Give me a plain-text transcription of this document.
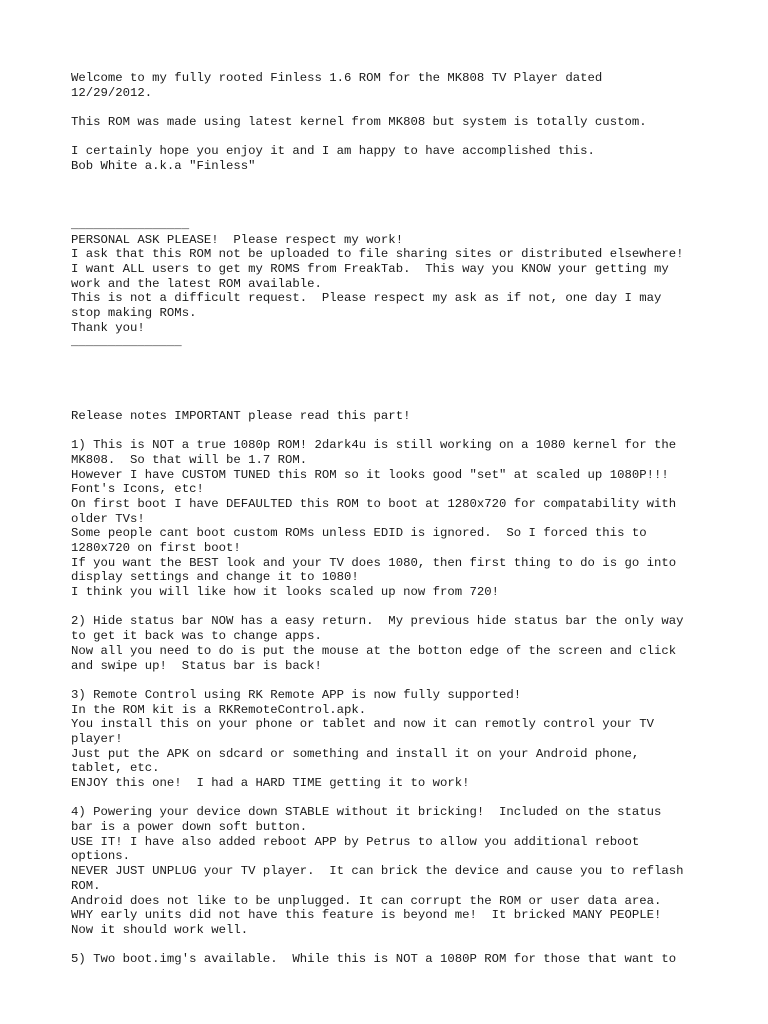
Welcome to my fully rooted Finless 1.6 ROM for the MK808 TV Player dated
12/29/2012.

This ROM was made using latest kernel from MK808 but system is totally custom.

I certainly hope you enjoy it and I am happy to have accomplished this.
Bob White a.k.a "Finless"

________________
PERSONAL ASK PLEASE!  Please respect my work!
I ask that this ROM not be uploaded to file sharing sites or distributed elsewhere!
I want ALL users to get my ROMS from FreakTab.  This way you KNOW your getting my
work and the latest ROM available.
This is not a difficult request.  Please respect my ask as if not, one day I may
stop making ROMs.
Thank you!
_______________

Release notes IMPORTANT please read this part!

1) This is NOT a true 1080p ROM! 2dark4u is still working on a 1080 kernel for the
MK808.  So that will be 1.7 ROM.
However I have CUSTOM TUNED this ROM so it looks good "set" at scaled up 1080P!!!
Font's Icons, etc!
On first boot I have DEFAULTED this ROM to boot at 1280x720 for compatability with
older TVs!
Some people cant boot custom ROMs unless EDID is ignored.  So I forced this to
1280x720 on first boot!
If you want the BEST look and your TV does 1080, then first thing to do is go into
display settings and change it to 1080!
I think you will like how it looks scaled up now from 720!

2) Hide status bar NOW has a easy return.  My previous hide status bar the only way
to get it back was to change apps.
Now all you need to do is put the mouse at the botton edge of the screen and click
and swipe up!  Status bar is back!

3) Remote Control using RK Remote APP is now fully supported!
In the ROM kit is a RKRemoteControl.apk.
You install this on your phone or tablet and now it can remotly control your TV
player!
Just put the APK on sdcard or something and install it on your Android phone,
tablet, etc.
ENJOY this one!  I had a HARD TIME getting it to work!

4) Powering your device down STABLE without it bricking!  Included on the status
bar is a power down soft button.
USE IT! I have also added reboot APP by Petrus to allow you additional reboot
options.
NEVER JUST UNPLUG your TV player.  It can brick the device and cause you to reflash
ROM.
Android does not like to be unplugged. It can corrupt the ROM or user data area.
WHY early units did not have this feature is beyond me!  It bricked MANY PEOPLE!
Now it should work well.

5) Two boot.img's available.  While this is NOT a 1080P ROM for those that want to
